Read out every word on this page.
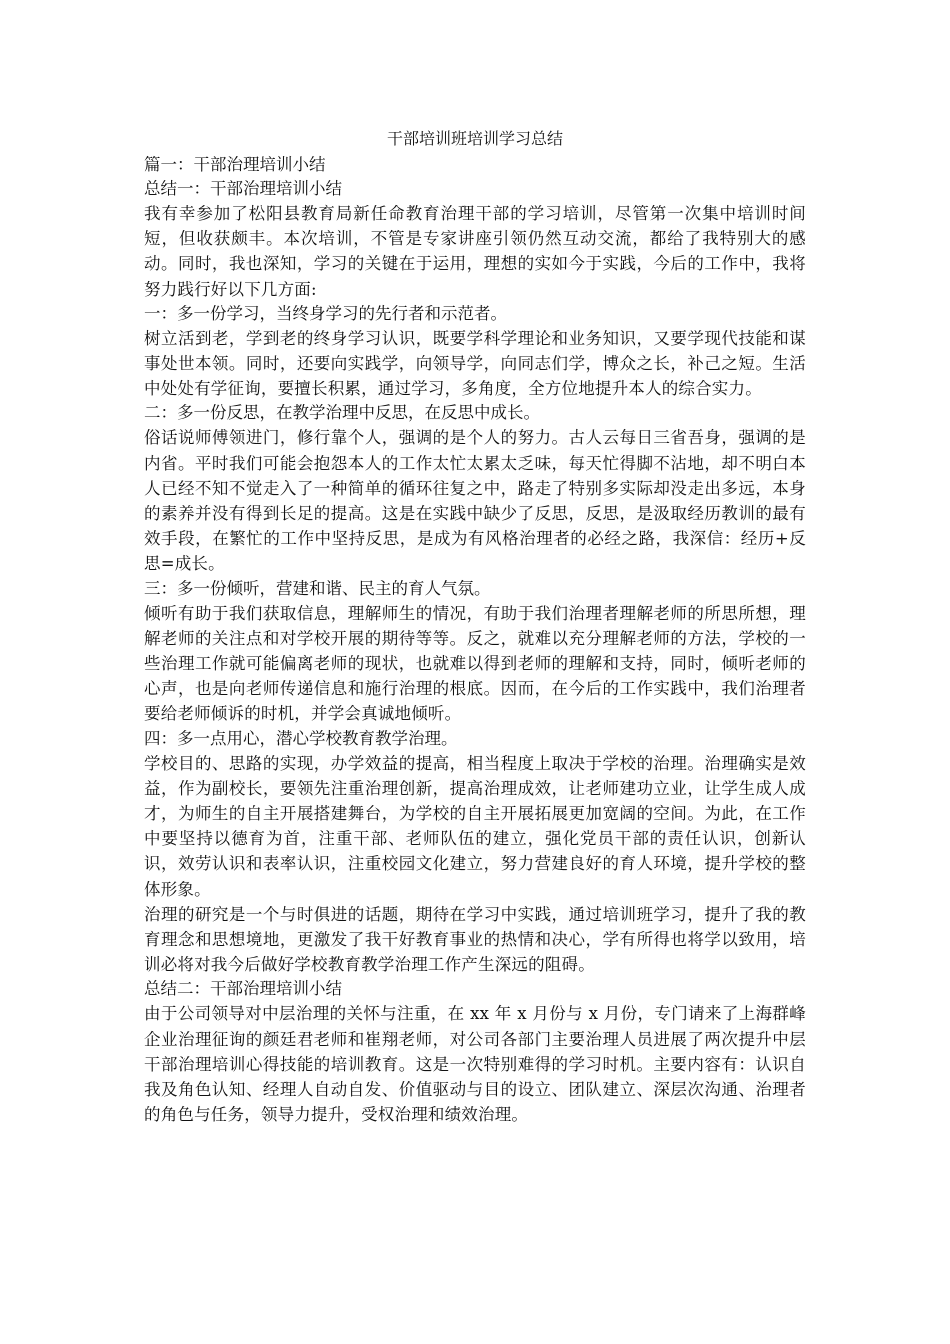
干部培训班培训学习总结
篇一：干部治理培训小结
总结一：干部治理培训小结

我有幸参加了松阳县教育局新任命教育治理干部的学习培训，尽管第一次集中培训时间短，但收获颇丰。本次培训，不管是专家讲座引领仍然互动交流，都给了我特别大的感动。同时，我也深知，学习的关键在于运用，理想的实如今于实践，今后的工作中，我将努力践行好以下几方面:

一：多一份学习，当终身学习的先行者和示范者。

树立活到老，学到老的终身学习认识，既要学科学理论和业务知识，又要学现代技能和谋事处世本领。同时，还要向实践学，向领导学，向同志们学，博众之长，补己之短。生活中处处有学征询，要擅长积累，通过学习，多角度，全方位地提升本人的综合实力。

二：多一份反思，在教学治理中反思，在反思中成长。

俗话说师傅领进门，修行靠个人，强调的是个人的努力。古人云每日三省吾身，强调的是内省。平时我们可能会抱怨本人的工作太忙太累太乏味，每天忙得脚不沾地，却不明白本人已经不知不觉走入了一种简单的循环往复之中，路走了特别多实际却没走出多远，本身的素养并没有得到长足的提高。这是在实践中缺少了反思，反思，是汲取经历教训的最有效手段，在繁忙的工作中坚持反思，是成为有风格治理者的必经之路，我深信：经历+反思=成长。

三：多一份倾听，营建和谐、民主的育人气氛。

倾听有助于我们获取信息，理解师生的情况，有助于我们治理者理解老师的所思所想，理解老师的关注点和对学校开展的期待等等。反之，就难以充分理解老师的方法，学校的一些治理工作就可能偏离老师的现状，也就难以得到老师的理解和支持，同时，倾听老师的心声，也是向老师传递信息和施行治理的根底。因而，在今后的工作实践中，我们治理者要给老师倾诉的时机，并学会真诚地倾听。

四：多一点用心，潜心学校教育教学治理。

学校目的、思路的实现，办学效益的提高，相当程度上取决于学校的治理。治理确实是效益，作为副校长，要领先注重治理创新，提高治理成效，让老师建功立业，让学生成人成才，为师生的自主开展搭建舞台，为学校的自主开展拓展更加宽阔的空间。为此，在工作中要坚持以德育为首，注重干部、老师队伍的建立，强化党员干部的责任认识，创新认识，效劳认识和表率认识，注重校园文化建立，努力营建良好的育人环境，提升学校的整体形象。

治理的研究是一个与时俱进的话题，期待在学习中实践，通过培训班学习，提升了我的教育理念和思想境地，更激发了我干好教育事业的热情和决心，学有所得也将学以致用，培训必将对我今后做好学校教育教学治理工作产生深远的阻碍。

总结二：干部治理培训小结

由于公司领导对中层治理的关怀与注重，在 xx 年 x 月份与 x 月份，专门请来了上海群峰企业治理征询的颜廷君老师和崔翔老师，对公司各部门主要治理人员进展了两次提升中层干部治理培训心得技能的培训教育。这是一次特别难得的学习时机。主要内容有：认识自我及角色认知、经理人自动自发、价值驱动与目的设立、团队建立、深层次沟通、治理者的角色与任务，领导力提升，受权治理和绩效治理。
